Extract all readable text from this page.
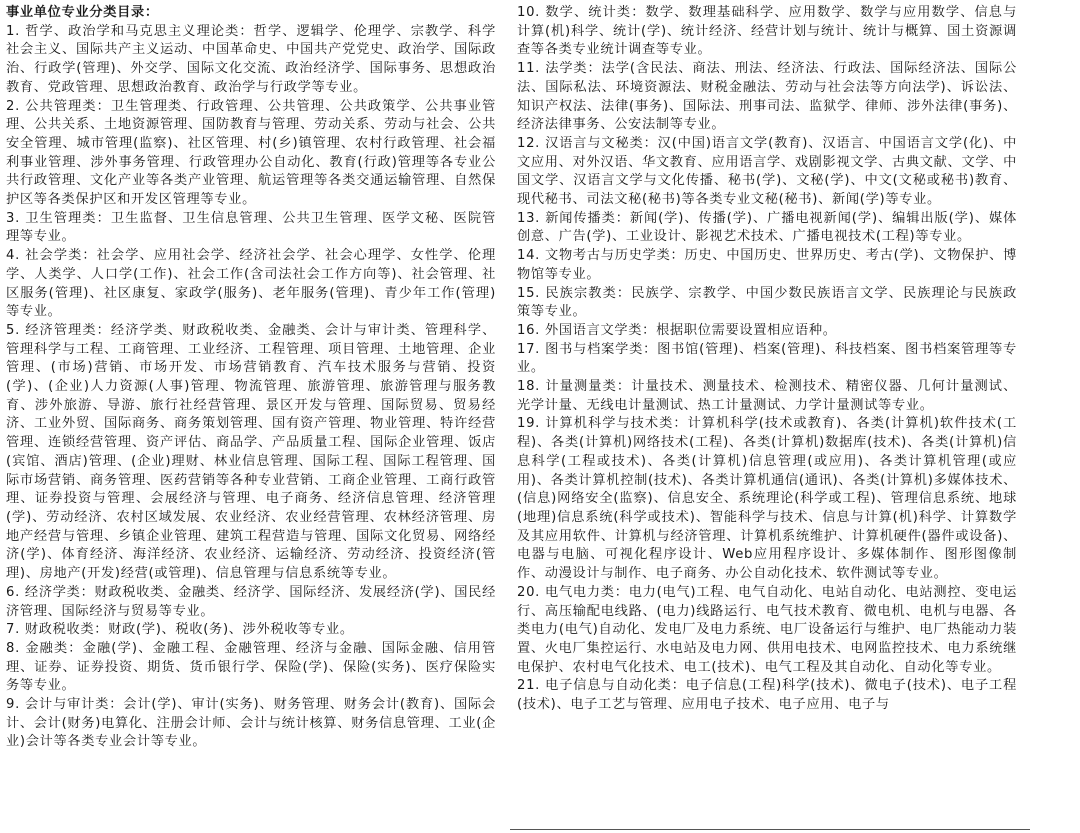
事业单位专业分类目录：

1. 哲学、政治学和马克思主义理论类：哲学、逻辑学、伦理学、宗教学、科学社会主义、国际共产主义运动、中国革命史、中国共产党党史、政治学、国际政治、行政学(管理)、外交学、国际文化交流、政治经济学、国际事务、思想政治教育、党政管理、思想政治教育、政治学与行政学等专业。

2. 公共管理类：卫生管理类、行政管理、公共管理、公共政策学、公共事业管理、公共关系、土地资源管理、国防教育与管理、劳动关系、劳动与社会、公共安全管理、城市管理(监察)、社区管理、村(乡)镇管理、农村行政管理、社会福利事业管理、涉外事务管理、行政管理办公自动化、教育(行政)管理等各专业公共行政管理、文化产业等各类产业管理、航运管理等各类交通运输管理、自然保护区等各类保护区和开发区管理等专业。

3. 卫生管理类：卫生监督、卫生信息管理、公共卫生管理、医学文秘、医院管理等专业。

4. 社会学类：社会学、应用社会学、经济社会学、社会心理学、女性学、伦理学、人类学、人口学(工作)、社会工作(含司法社会工作方向等)、社会管理、社区服务(管理)、社区康复、家政学(服务)、老年服务(管理)、青少年工作(管理)等专业。

5. 经济管理类：经济学类、财政税收类、金融类、会计与审计类、管理科学、管理科学与工程、工商管理、工业经济、工程管理、项目管理、土地管理、企业管理、(市场)营销、市场开发、市场营销教育、汽车技术服务与营销、投资(学)、(企业)人力资源(人事)管理、物流管理、旅游管理、旅游管理与服务教育、涉外旅游、导游、旅行社经营管理、景区开发与管理、国际贸易、贸易经济、工业外贸、国际商务、商务策划管理、国有资产管理、物业管理、特许经营管理、连锁经营管理、资产评估、商品学、产品质量工程、国际企业管理、饭店(宾馆、酒店)管理、(企业)理财、林业信息管理、国际工程、国际工程管理、国际市场营销、商务管理、医药营销等各种专业营销、工商企业管理、工商行政管理、证券投资与管理、会展经济与管理、电子商务、经济信息管理、经济管理(学)、劳动经济、农村区域发展、农业经济、农业经营管理、农林经济管理、房地产经营与管理、乡镇企业管理、建筑工程营造与管理、国际文化贸易、网络经济(学)、体育经济、海洋经济、农业经济、运输经济、劳动经济、投资经济(管理)、房地产(开发)经营(或管理)、信息管理与信息系统等专业。

6. 经济学类：财政税收类、金融类、经济学、国际经济、发展经济(学)、国民经济管理、国际经济与贸易等专业。

7. 财政税收类：财政(学)、税收(务)、涉外税收等专业。

8. 金融类：金融(学)、金融工程、金融管理、经济与金融、国际金融、信用管理、证券、证券投资、期货、货币银行学、保险(学)、保险(实务)、医疗保险实务等专业。

9. 会计与审计类：会计(学)、审计(实务)、财务管理、财务会计(教育)、国际会计、会计(财务)电算化、注册会计师、会计与统计核算、财务信息管理、工业(企业)会计等各类专业会计等专业。

10. 数学、统计类：数学、数理基础科学、应用数学、数学与应用数学、信息与计算(机)科学、统计(学)、统计经济、经营计划与统计、统计与概算、国土资源调查等各类专业统计调查等专业。

11. 法学类：法学(含民法、商法、刑法、经济法、行政法、国际经济法、国际公法、国际私法、环境资源法、财税金融法、劳动与社会法等方向法学)、诉讼法、知识产权法、法律(事务)、国际法、刑事司法、监狱学、律师、涉外法律(事务)、经济法律事务、公安法制等专业。

12. 汉语言与文秘类：汉(中国)语言文学(教育)、汉语言、中国语言文学(化)、中文应用、对外汉语、华文教育、应用语言学、戏剧影视文学、古典文献、文学、中国文学、汉语言文学与文化传播、秘书(学)、文秘(学)、中文(文秘或秘书)教育、现代秘书、司法文秘(秘书)等各类专业文秘(秘书)、新闻(学)等专业。

13. 新闻传播类：新闻(学)、传播(学)、广播电视新闻(学)、编辑出版(学)、媒体创意、广告(学)、工业设计、影视艺术技术、广播电视技术(工程)等专业。

14. 文物考古与历史学类：历史、中国历史、世界历史、考古(学)、文物保护、博物馆等专业。

15. 民族宗教类：民族学、宗教学、中国少数民族语言文学、民族理论与民族政策等专业。

16. 外国语言文学类：根据职位需要设置相应语种。

17. 图书与档案学类：图书馆(管理)、档案(管理)、科技档案、图书档案管理等专业。

18. 计量测量类：计量技术、测量技术、检测技术、精密仪器、几何计量测试、光学计量、无线电计量测试、热工计量测试、力学计量测试等专业。

19. 计算机科学与技术类：计算机科学(技术或教育)、各类(计算机)软件技术(工程)、各类(计算机)网络技术(工程)、各类(计算机)数据库(技术)、各类(计算机)信息科学(工程或技术)、各类(计算机)信息管理(或应用)、各类计算机管理(或应用)、各类计算机控制(技术)、各类计算机通信(通讯)、各类(计算机)多媒体技术、(信息)网络安全(监察)、信息安全、系统理论(科学或工程)、管理信息系统、地球(地理)信息系统(科学或技术)、智能科学与技术、信息与计算(机)科学、计算数学及其应用软件、计算机与经济管理、计算机系统维护、计算机硬件(器件或设备)、电器与电脑、可视化程序设计、Web应用程序设计、多媒体制作、图形图像制作、动漫设计与制作、电子商务、办公自动化技术、软件测试等专业。

20. 电气电力类：电力(电气)工程、电气自动化、电站自动化、电站测控、变电运行、高压输配电线路、(电力)线路运行、电气技术教育、微电机、电机与电器、各类电力(电气)自动化、发电厂及电力系统、电厂设备运行与维护、电厂热能动力装置、火电厂集控运行、水电站及电力网、供用电技术、电网监控技术、电力系统继电保护、农村电气化技术、电工(技术)、电气工程及其自动化、自动化等专业。

21. 电子信息与自动化类：电子信息(工程)科学(技术)、微电子(技术)、电子工程(技术)、电子工艺与管理、应用电子技术、电子应用、电子与
